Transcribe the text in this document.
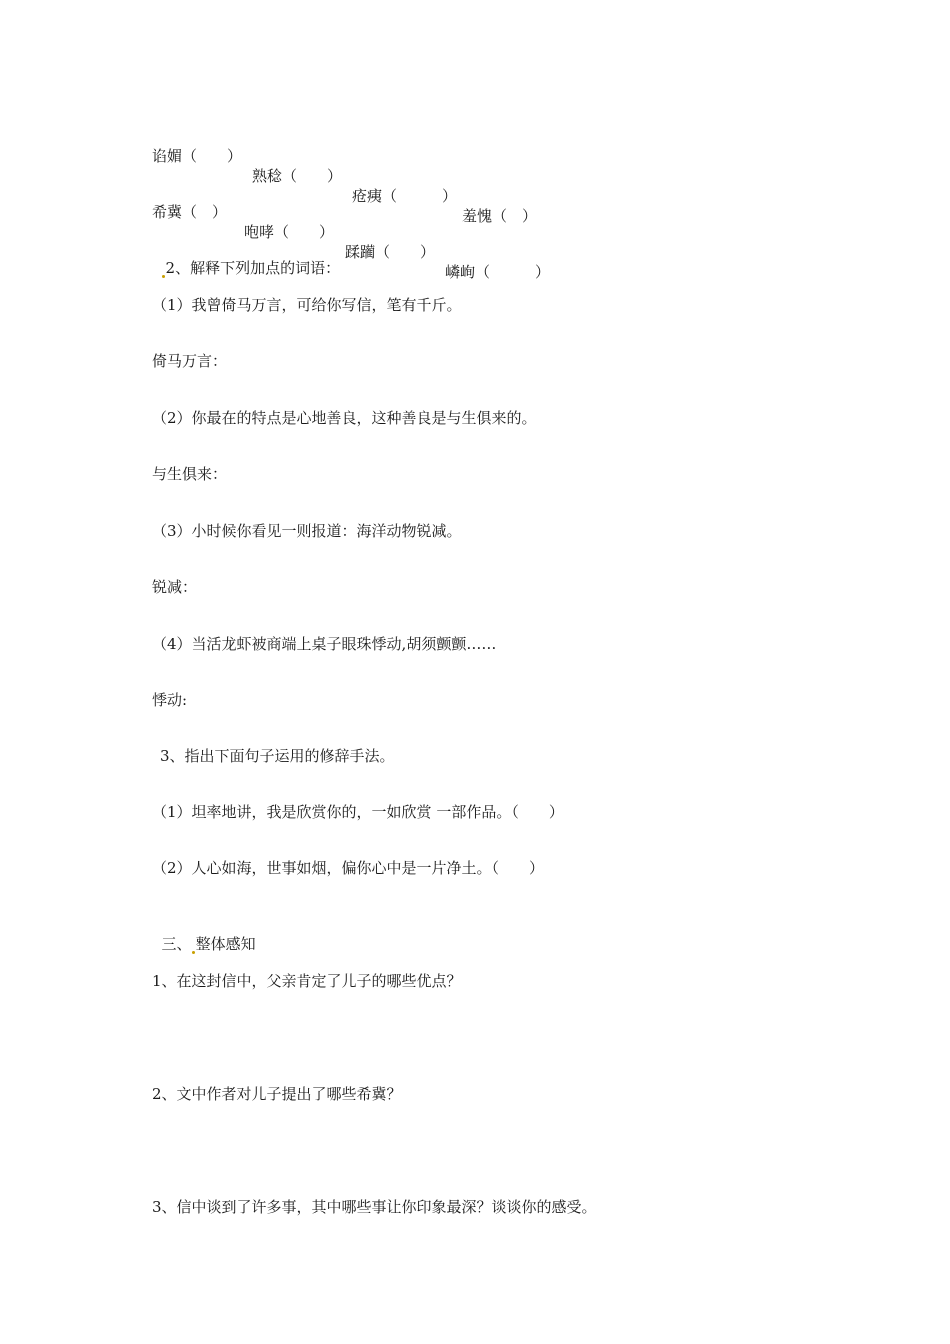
谄媚（　　）

熟稔（　　）

疮痍（　　　）

羞愧（　）

希冀（　）

咆哮（　　）

蹂躏（　　）

嶙峋（　　　）

2、解释下列加点的词语：

（1）我曾倚马万言，可给你写信，笔有千斤。
倚马万言：
（2）你最在的特点是心地善良，这种善良是与生俱来的。
与生俱来：
（3）小时候你看见一则报道：海洋动物锐减。
锐减：
（4）当活龙虾被商端上桌子眼珠悸动,胡须颤颤……
悸动:
3、指出下面句子运用的修辞手法。
（1）坦率地讲，我是欣赏你的，一如欣赏 一部作品。（　　）
（2）人心如海，世事如烟，偏你心中是一片净土。（　　）

三、 整体感知

1、在这封信中，父亲肯定了儿子的哪些优点？
2、文中作者对儿子提出了哪些希冀？
3、信中谈到了许多事，其中哪些事让你印象最深？谈谈你的感受。
